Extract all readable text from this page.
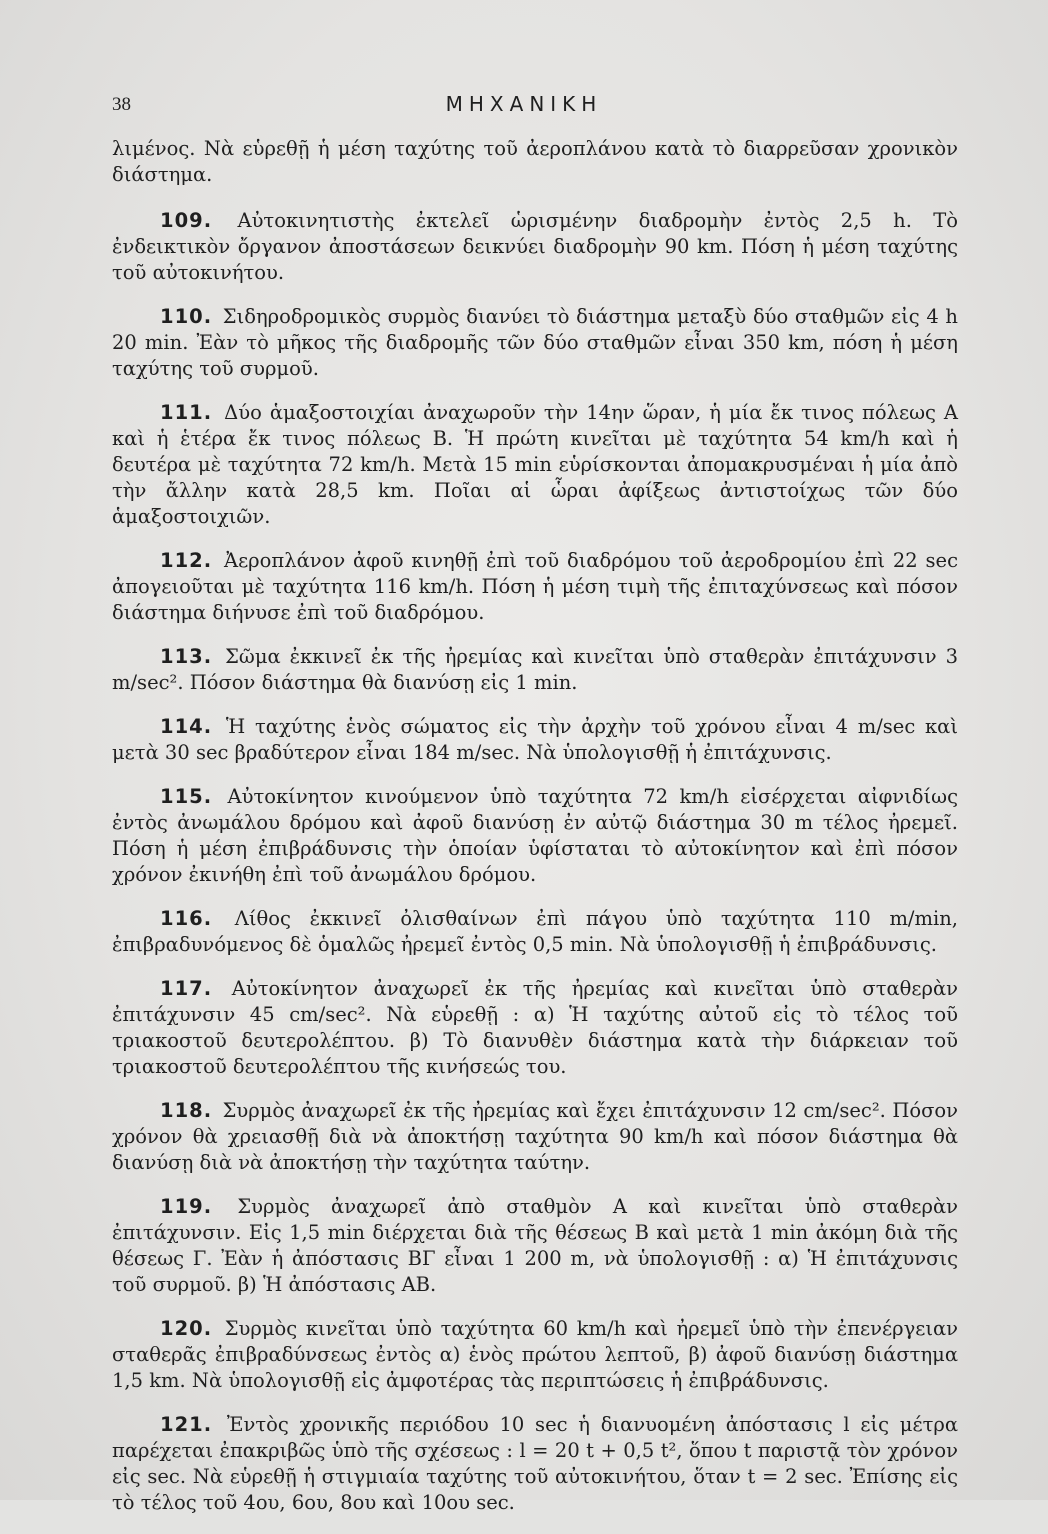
38	ΜΗΧΑΝΙΚΗ

λιμένος. Νὰ εὑρεθῇ ἡ μέση ταχύτης τοῦ ἀεροπλάνου κατὰ τὸ διαρρεῦσαν χρονικὸν διάστημα.

109. Αὐτοκινητιστὴς ἐκτελεῖ ὡρισμένην διαδρομὴν ἐντὸς 2,5 h. Τὸ ἐνδεικτικὸν ὄργανον ἀποστάσεων δεικνύει διαδρομὴν 90 km. Πόση ἡ μέση ταχύτης τοῦ αὐτοκινήτου.

110. Σιδηροδρομικὸς συρμὸς διανύει τὸ διάστημα μεταξὺ δύο σταθμῶν εἰς 4 h 20 min. Ἐὰν τὸ μῆκος τῆς διαδρομῆς τῶν δύο σταθμῶν εἶναι 350 km, πόση ἡ μέση ταχύτης τοῦ συρμοῦ.

111. Δύο ἁμαξοστοιχίαι ἀναχωροῦν τὴν 14ην ὥραν, ἡ μία ἔκ τινος πόλεως Α καὶ ἡ ἑτέρα ἔκ τινος πόλεως Β. Ἡ πρώτη κινεῖται μὲ ταχύτητα 54 km/h καὶ ἡ δευτέρα μὲ ταχύτητα 72 km/h. Μετὰ 15 min εὑρίσκονται ἀπομακρυσμέναι ἡ μία ἀπὸ τὴν ἄλλην κατὰ 28,5 km. Ποῖαι αἱ ὧραι ἀφίξεως ἀντιστοίχως τῶν δύο ἁμαξοστοιχιῶν.

112. Ἀεροπλάνον ἀφοῦ κινηθῇ ἐπὶ τοῦ διαδρόμου τοῦ ἀεροδρομίου ἐπὶ 22 sec ἀπογειοῦται μὲ ταχύτητα 116 km/h. Πόση ἡ μέση τιμὴ τῆς ἐπιταχύνσεως καὶ πόσον διάστημα διήνυσε ἐπὶ τοῦ διαδρόμου.

113. Σῶμα ἐκκινεῖ ἐκ τῆς ἠρεμίας καὶ κινεῖται ὑπὸ σταθερὰν ἐπιτάχυνσιν 3 m/sec². Πόσον διάστημα θὰ διανύσῃ εἰς 1 min.

114. Ἡ ταχύτης ἑνὸς σώματος εἰς τὴν ἀρχὴν τοῦ χρόνου εἶναι 4 m/sec καὶ μετὰ 30 sec βραδύτερον εἶναι 184 m/sec. Νὰ ὑπολογισθῇ ἡ ἐπιτάχυνσις.

115. Αὐτοκίνητον κινούμενον ὑπὸ ταχύτητα 72 km/h εἰσέρχεται αἰφνιδίως ἐντὸς ἀνωμάλου δρόμου καὶ ἀφοῦ διανύσῃ ἐν αὐτῷ διάστημα 30 m τέλος ἠρεμεῖ. Πόση ἡ μέση ἐπιβράδυνσις τὴν ὁποίαν ὑφίσταται τὸ αὐτοκίνητον καὶ ἐπὶ πόσον χρόνον ἐκινήθη ἐπὶ τοῦ ἀνωμάλου δρόμου.

116. Λίθος ἐκκινεῖ ὀλισθαίνων ἐπὶ πάγου ὑπὸ ταχύτητα 110 m/min, ἐπιβραδυνόμενος δὲ ὁμαλῶς ἠρεμεῖ ἐντὸς 0,5 min. Νὰ ὑπολογισθῇ ἡ ἐπιβράδυνσις.

117. Αὐτοκίνητον ἀναχωρεῖ ἐκ τῆς ἠρεμίας καὶ κινεῖται ὑπὸ σταθερὰν ἐπιτάχυνσιν 45 cm/sec². Νὰ εὑρεθῇ : α) Ἡ ταχύτης αὐτοῦ εἰς τὸ τέλος τοῦ τριακοστοῦ δευτερολέπτου. β) Τὸ διανυθὲν διάστημα κατὰ τὴν διάρκειαν τοῦ τριακοστοῦ δευτερολέπτου τῆς κινήσεώς του.

118. Συρμὸς ἀναχωρεῖ ἐκ τῆς ἠρεμίας καὶ ἔχει ἐπιτάχυνσιν 12 cm/sec². Πόσον χρόνον θὰ χρειασθῇ διὰ νὰ ἀποκτήσῃ ταχύτητα 90 km/h καὶ πόσον διάστημα θὰ διανύσῃ διὰ νὰ ἀποκτήσῃ τὴν ταχύτητα ταύτην.

119. Συρμὸς ἀναχωρεῖ ἀπὸ σταθμὸν Α καὶ κινεῖται ὑπὸ σταθερὰν ἐπιτάχυνσιν. Εἰς 1,5 min διέρχεται διὰ τῆς θέσεως Β καὶ μετὰ 1 min ἀκόμη διὰ τῆς θέσεως Γ. Ἐὰν ἡ ἀπόστασις ΒΓ εἶναι 1 200 m, νὰ ὑπολογισθῇ : α) Ἡ ἐπιτάχυνσις τοῦ συρμοῦ. β) Ἡ ἀπόστασις ΑΒ.

120. Συρμὸς κινεῖται ὑπὸ ταχύτητα 60 km/h καὶ ἠρεμεῖ ὑπὸ τὴν ἐπενέργειαν σταθερᾶς ἐπιβραδύνσεως ἐντὸς α) ἑνὸς πρώτου λεπτοῦ, β) ἀφοῦ διανύσῃ διάστημα 1,5 km. Νὰ ὑπολογισθῇ εἰς ἀμφοτέρας τὰς περιπτώσεις ἡ ἐπιβράδυνσις.

121. Ἐντὸς χρονικῆς περιόδου 10 sec ἡ διανυομένη ἀπόστασις l εἰς μέτρα παρέχεται ἐπακριβῶς ὑπὸ τῆς σχέσεως : l = 20 t + 0,5 t², ὅπου t παριστᾷ τὸν χρόνον εἰς sec. Νὰ εὑρεθῇ ἡ στιγμιαία ταχύτης τοῦ αὐτοκινήτου, ὅταν t = 2 sec. Ἐπίσης εἰς τὸ τέλος τοῦ 4ου, 6ου, 8ου καὶ 10ου sec.
